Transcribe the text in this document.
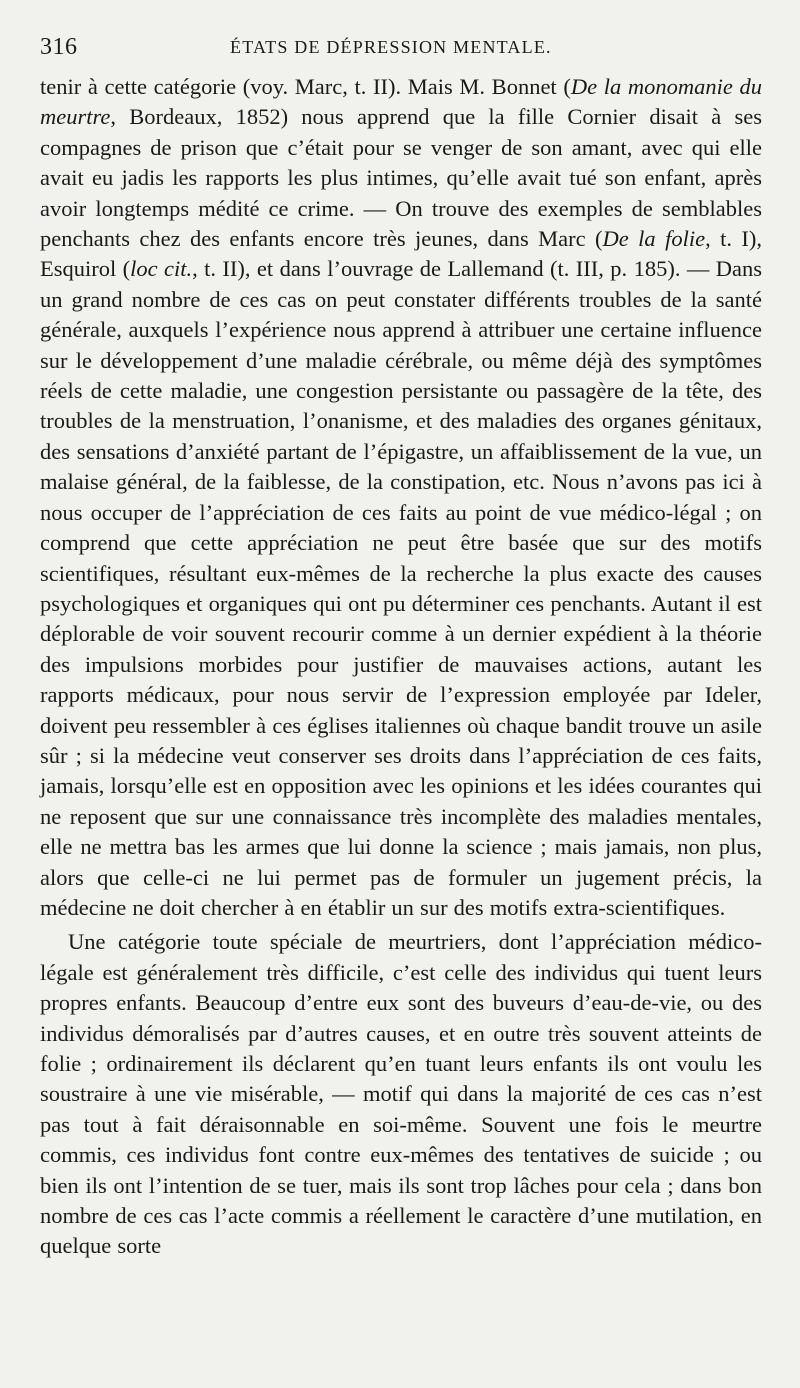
316	ÉTATS DE DÉPRESSION MENTALE.

tenir à cette catégorie (voy. Marc, t. II). Mais M. Bonnet (De la monomanie du meurtre, Bordeaux, 1852) nous apprend que la fille Cornier disait à ses compagnes de prison que c’était pour se venger de son amant, avec qui elle avait eu jadis les rapports les plus intimes, qu’elle avait tué son enfant, après avoir longtemps médité ce crime. — On trouve des exemples de semblables penchants chez des enfants encore très jeunes, dans Marc (De la folie, t. I), Esquirol (loc cit., t. II), et dans l’ouvrage de Lallemand (t. III, p. 185). — Dans un grand nombre de ces cas on peut constater différents troubles de la santé générale, auxquels l’expérience nous apprend à attribuer une certaine influence sur le développement d’une maladie cérébrale, ou même déjà des symptômes réels de cette maladie, une congestion persistante ou passagère de la tête, des troubles de la menstruation, l’onanisme, et des maladies des organes génitaux, des sensations d’anxiété partant de l’épigastre, un affaiblissement de la vue, un malaise général, de la faiblesse, de la constipation, etc. Nous n’avons pas ici à nous occuper de l’appréciation de ces faits au point de vue médico-légal ; on comprend que cette appréciation ne peut être basée que sur des motifs scientifiques, résultant eux-mêmes de la recherche la plus exacte des causes psychologiques et organiques qui ont pu déterminer ces penchants. Autant il est déplorable de voir souvent recourir comme à un dernier expédient à la théorie des impulsions morbides pour justifier de mauvaises actions, autant les rapports médicaux, pour nous servir de l’expression employée par Ideler, doivent peu ressembler à ces églises italiennes où chaque bandit trouve un asile sûr ; si la médecine veut conserver ses droits dans l’appréciation de ces faits, jamais, lorsqu’elle est en opposition avec les opinions et les idées courantes qui ne reposent que sur une connaissance très incomplète des maladies mentales, elle ne mettra bas les armes que lui donne la science ; mais jamais, non plus, alors que celle-ci ne lui permet pas de formuler un jugement précis, la médecine ne doit chercher à en établir un sur des motifs extra-scientifiques.

Une catégorie toute spéciale de meurtriers, dont l’appréciation médico-légale est généralement très difficile, c’est celle des individus qui tuent leurs propres enfants. Beaucoup d’entre eux sont des buveurs d’eau-de-vie, ou des individus démoralisés par d’autres causes, et en outre très souvent atteints de folie ; ordinairement ils déclarent qu’en tuant leurs enfants ils ont voulu les soustraire à une vie misérable, — motif qui dans la majorité de ces cas n’est pas tout à fait déraisonnable en soi-même. Souvent une fois le meurtre commis, ces individus font contre eux-mêmes des tentatives de suicide ; ou bien ils ont l’intention de se tuer, mais ils sont trop lâches pour cela ; dans bon nombre de ces cas l’acte commis a réellement le caractère d’une mutilation, en quelque sorte
